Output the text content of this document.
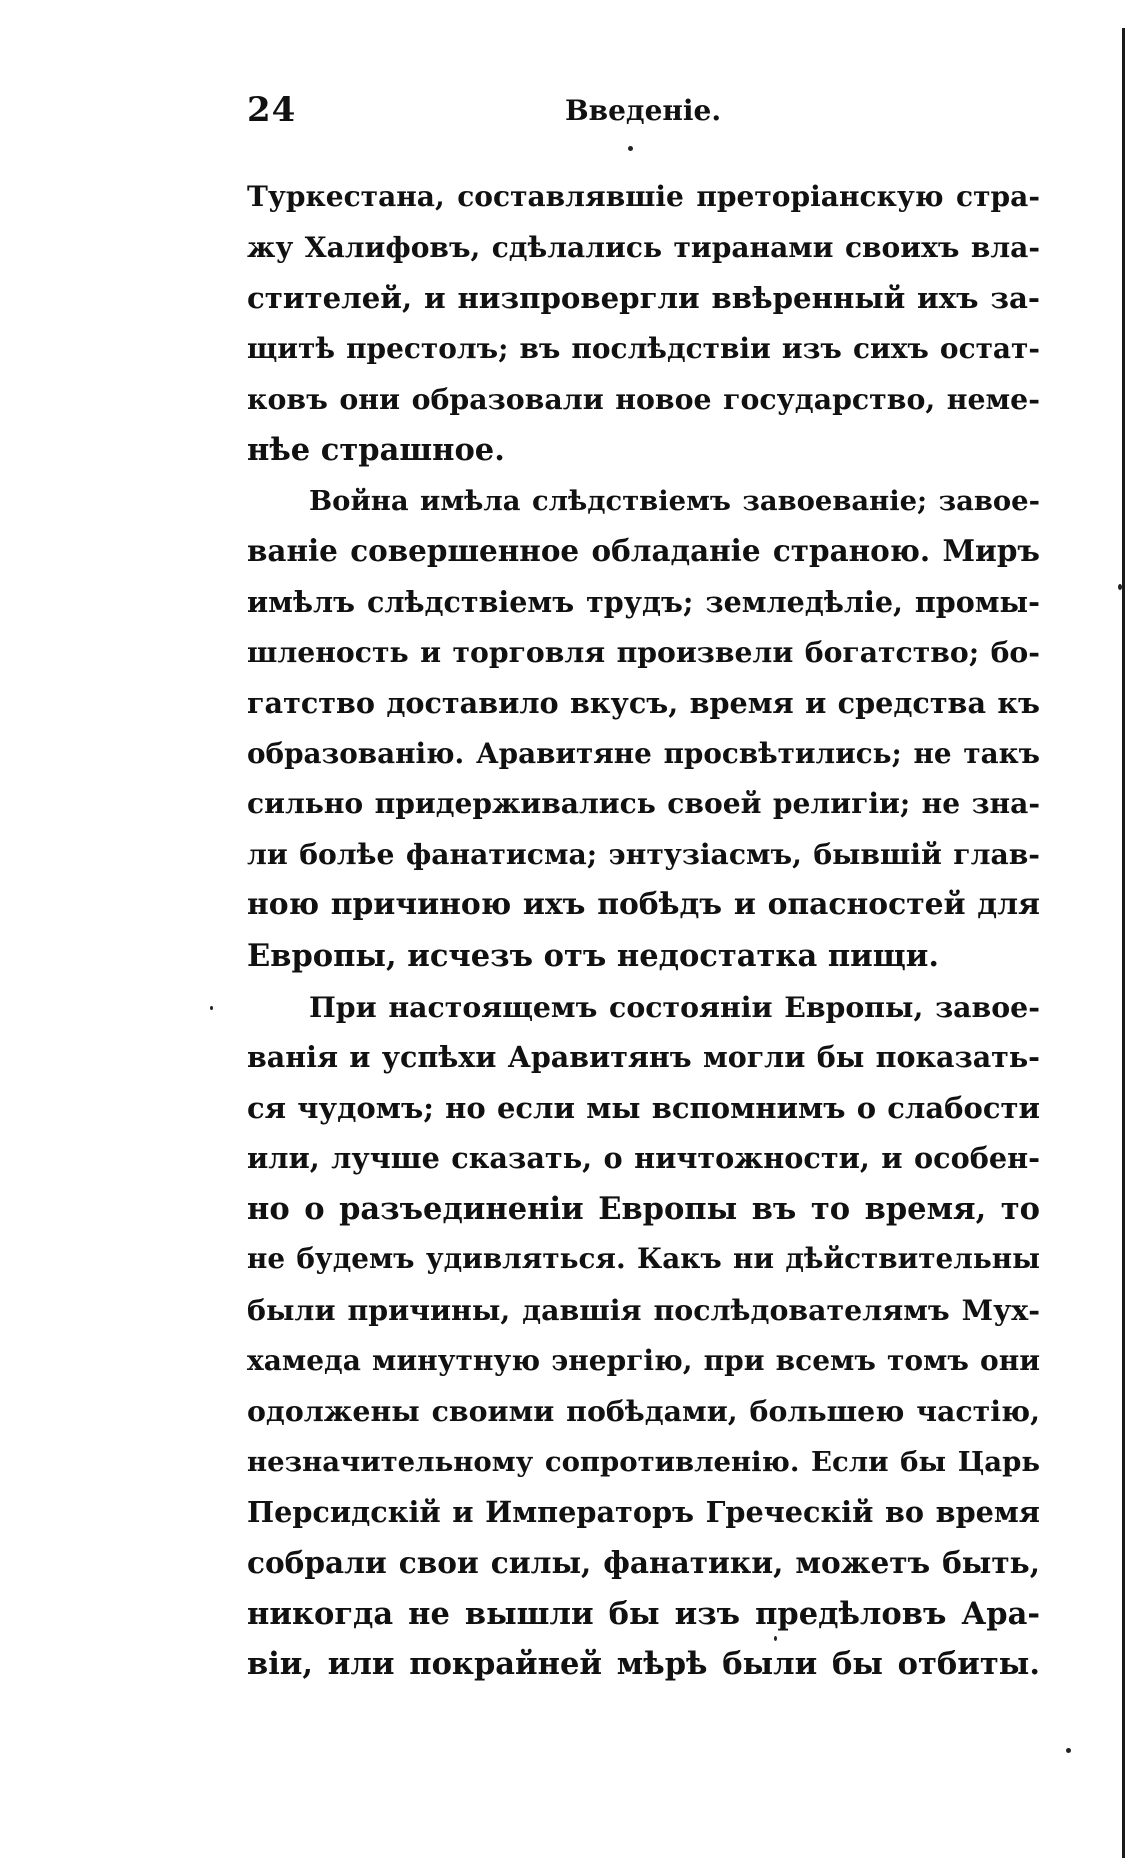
24	Введенiе.
Туркестана, составлявшiе преторiанскую стра-
жу Халифовъ, сдѣлались тиранами своихъ вла-
стителей, и низпровергли ввѣренный ихъ за-
щитѣ престолъ; въ послѣдствiи изъ сихъ остат-
ковъ они образовали новое государство, неме-
нѣе страшное.
Война имѣла слѣдствiемъ завоеванiе; завое-
ванiе совершенное обладанiе страною. Миръ
имѣлъ слѣдствiемъ трудъ; земледѣлiе, промы-
шленость и торговля произвели богатство; бо-
гатство доставило вкусъ, время и средства къ
образованiю. Аравитяне просвѣтились; не такъ
сильно придерживались своей религiи; не зна-
ли болѣе фанатисма; энтузiасмъ, бывшiй глав-
ною причиною ихъ побѣдъ и опасностей для
Европы, исчезъ отъ недостатка пищи.
При настоящемъ состоянiи Европы, завое-
ванiя и успѣхи Аравитянъ могли бы показать-
ся чудомъ; но если мы вспомнимъ о слабости
или, лучше сказать, о ничтожности, и особен-
но о разъединенiи Европы въ то время, то
не будемъ удивляться. Какъ ни дѣйствительны
были причины, давшiя послѣдователямъ Мух-
хамеда минутную энергiю, при всемъ томъ они
одолжены своими побѣдами, большею частiю,
незначительному сопротивленiю. Если бы Царь
Персидскiй и Императоръ Греческiй во время
собрали свои силы, фанатики, можетъ быть,
никогда не вышли бы изъ предѣловъ Ара-
вiи, или покрайней мѣрѣ были бы отбиты.
